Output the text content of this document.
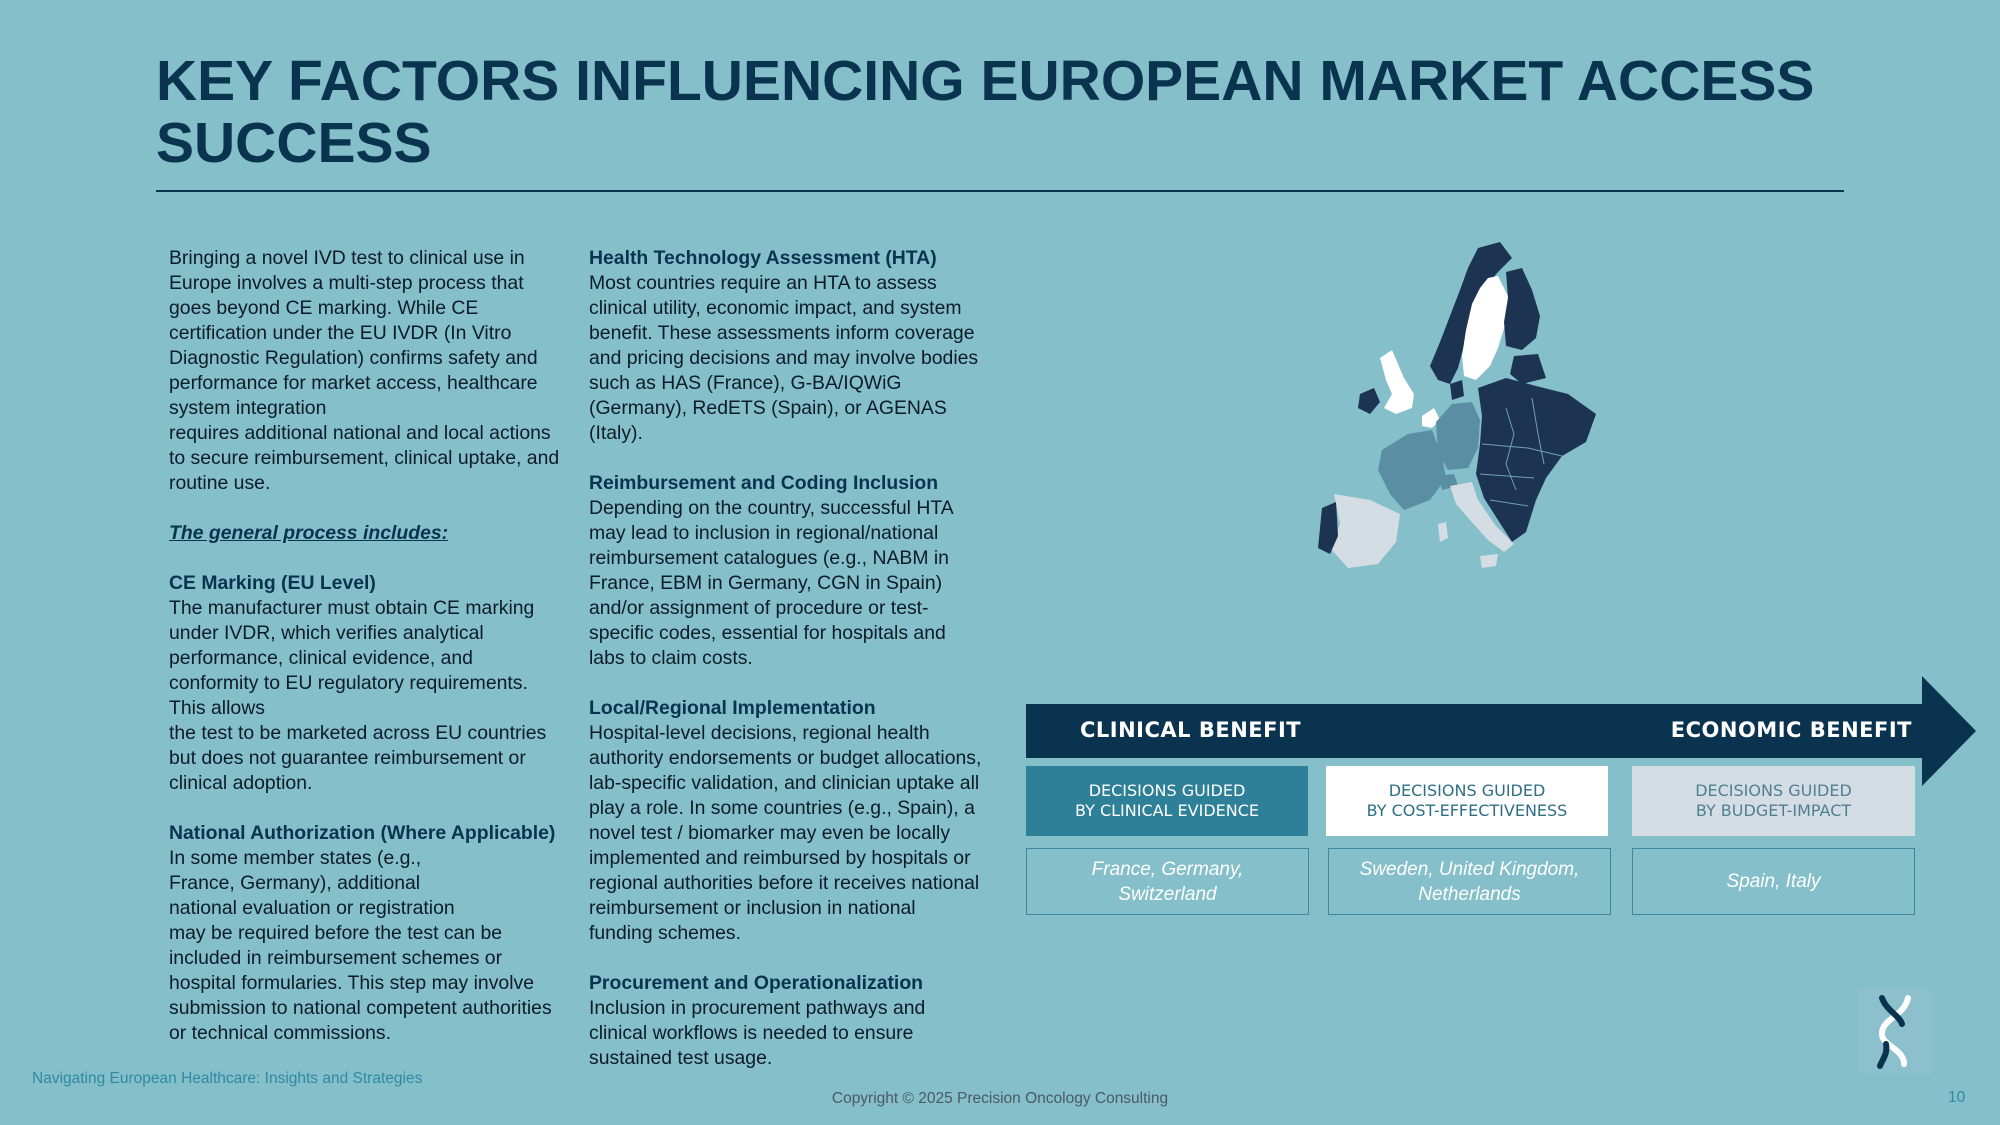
KEY FACTORS INFLUENCING EUROPEAN MARKET ACCESS SUCCESS

Bringing a novel IVD test to clinical use in

Europe involves a multi-step process that

goes beyond CE marking. While CE

certification under the EU IVDR (In Vitro

Diagnostic Regulation) confirms safety and

performance for market access, healthcare

system integration

requires additional national and local actions

to secure reimbursement, clinical uptake, and

routine use.

The general process includes:

CE Marking (EU Level)

The manufacturer must obtain CE marking

under IVDR, which verifies analytical

performance, clinical evidence, and

conformity to EU regulatory requirements.

This allows

the test to be marketed across EU countries

but does not guarantee reimbursement or

clinical adoption.

National Authorization (Where Applicable)

In some member states (e.g.,

France, Germany), additional

national evaluation or registration

may be required before the test can be

included in reimbursement schemes or

hospital formularies. This step may involve

submission to national competent authorities

or technical commissions.

Health Technology Assessment (HTA)

Most countries require an HTA to assess

clinical utility, economic impact, and system

benefit. These assessments inform coverage

and pricing decisions and may involve bodies

such as HAS (France), G-BA/IQWiG

(Germany), RedETS (Spain), or AGENAS

(Italy).

Reimbursement and Coding Inclusion

Depending on the country, successful HTA

may lead to inclusion in regional/national

reimbursement catalogues (e.g., NABM in

France, EBM in Germany, CGN in Spain)

and/or assignment of procedure or test-

specific codes, essential for hospitals and

labs to claim costs.

Local/Regional Implementation

Hospital-level decisions, regional health

authority endorsements or budget allocations,

lab-specific validation, and clinician uptake all

play a role. In some countries (e.g., Spain), a

novel test / biomarker may even be locally

implemented and reimbursed by hospitals or

regional authorities before it receives national

reimbursement or inclusion in national

funding schemes.

Procurement and Operationalization

Inclusion in procurement pathways and

clinical workflows is needed to ensure

sustained test usage.

CLINICAL BENEFIT	ECONOMIC BENEFIT
DECISIONS GUIDED
BY CLINICAL EVIDENCE
DECISIONS GUIDED
BY COST-EFFECTIVENESS
DECISIONS GUIDED
BY BUDGET-IMPACT
France, Germany,
Switzerland
Sweden, United Kingdom,
Netherlands
Spain, Italy
Navigating European Healthcare: Insights and Strategies
Copyright © 2025 Precision Oncology Consulting	10
